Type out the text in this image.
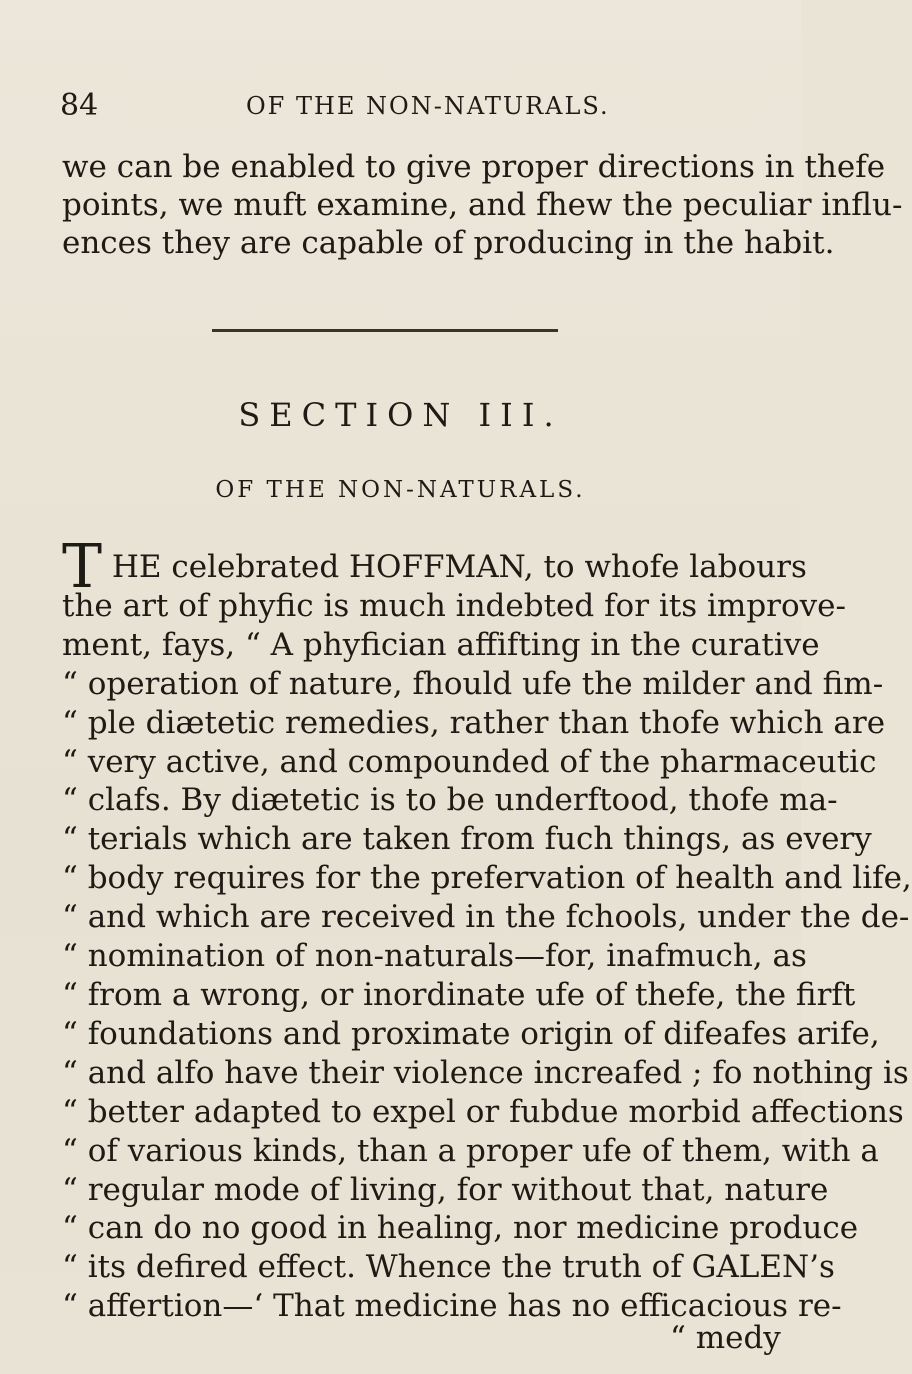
84	OF THE NON-NATURALS.

we can be enabled to give proper directions in thefe
points, we muft examine, and fhew the peculiar influ-
ences they are capable of producing in the habit.

SECTION III.
OF THE NON-NATURALS.

T HE celebrated HOFFMAN, to whofe labours
the art of phyfic is much indebted for its improve-
ment, fays, “ A phyfician affifting in the curative
“ operation of nature, fhould ufe the milder and fim-
“ ple diætetic remedies, rather than thofe which are
“ very active, and compounded of the pharmaceutic
“ clafs. By diætetic is to be underftood, thofe ma-
“ terials which are taken from fuch things, as every
“ body requires for the prefervation of health and life,
“ and which are received in the fchools, under the de-
“ nomination of non-naturals—for, inafmuch, as
“ from a wrong, or inordinate ufe of thefe, the firft
“ foundations and proximate origin of difeafes arife,
“ and alfo have their violence increafed ; fo nothing is
“ better adapted to expel or fubdue morbid affections
“ of various kinds, than a proper ufe of them, with a
“ regular mode of living, for without that, nature
“ can do no good in healing, nor medicine produce
“ its defired effect. Whence the truth of GALEN’s
“ affertion—‘ That medicine has no efficacious re-

“ medy
